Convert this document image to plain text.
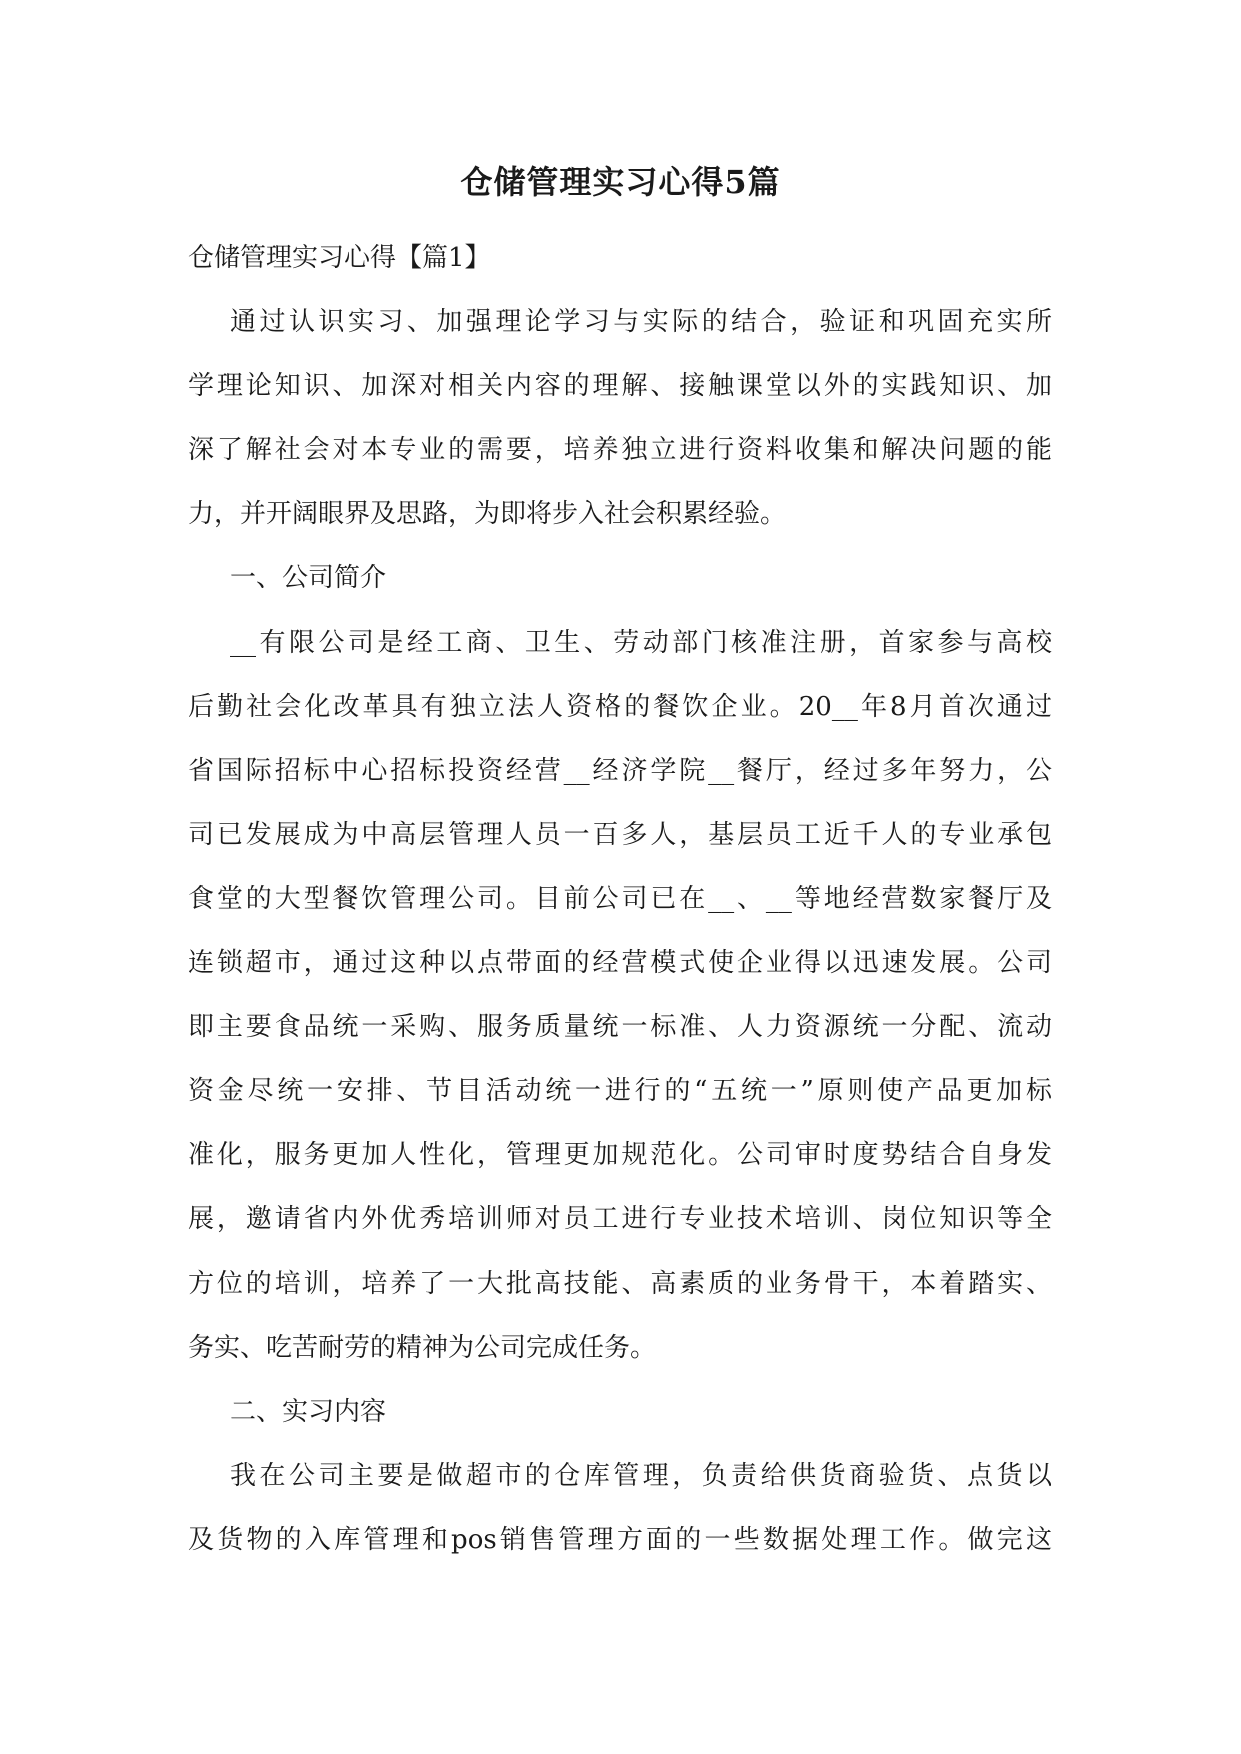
仓储管理实习心得5篇
仓储管理实习心得【篇1】
通过认识实习、加强理论学习与实际的结合，验证和巩固充实所
学理论知识、加深对相关内容的理解、接触课堂以外的实践知识、加
深了解社会对本专业的需要，培养独立进行资料收集和解决问题的能
力，并开阔眼界及思路，为即将步入社会积累经验。
一、公司简介
__有限公司是经工商、卫生、劳动部门核准注册，首家参与高校
后勤社会化改革具有独立法人资格的餐饮企业。20__年8月首次通过
省国际招标中心招标投资经营__经济学院__餐厅，经过多年努力，公
司已发展成为中高层管理人员一百多人，基层员工近千人的专业承包
食堂的大型餐饮管理公司。目前公司已在__、__等地经营数家餐厅及
连锁超市，通过这种以点带面的经营模式使企业得以迅速发展。公司
即主要食品统一采购、服务质量统一标准、人力资源统一分配、流动
资金尽统一安排、节目活动统一进行的“五统一”原则使产品更加标
准化，服务更加人性化，管理更加规范化。公司审时度势结合自身发
展，邀请省内外优秀培训师对员工进行专业技术培训、岗位知识等全
方位的培训，培养了一大批高技能、高素质的业务骨干，本着踏实、
务实、吃苦耐劳的精神为公司完成任务。
二、实习内容
我在公司主要是做超市的仓库管理，负责给供货商验货、点货以
及货物的入库管理和pos销售管理方面的一些数据处理工作。做完这
